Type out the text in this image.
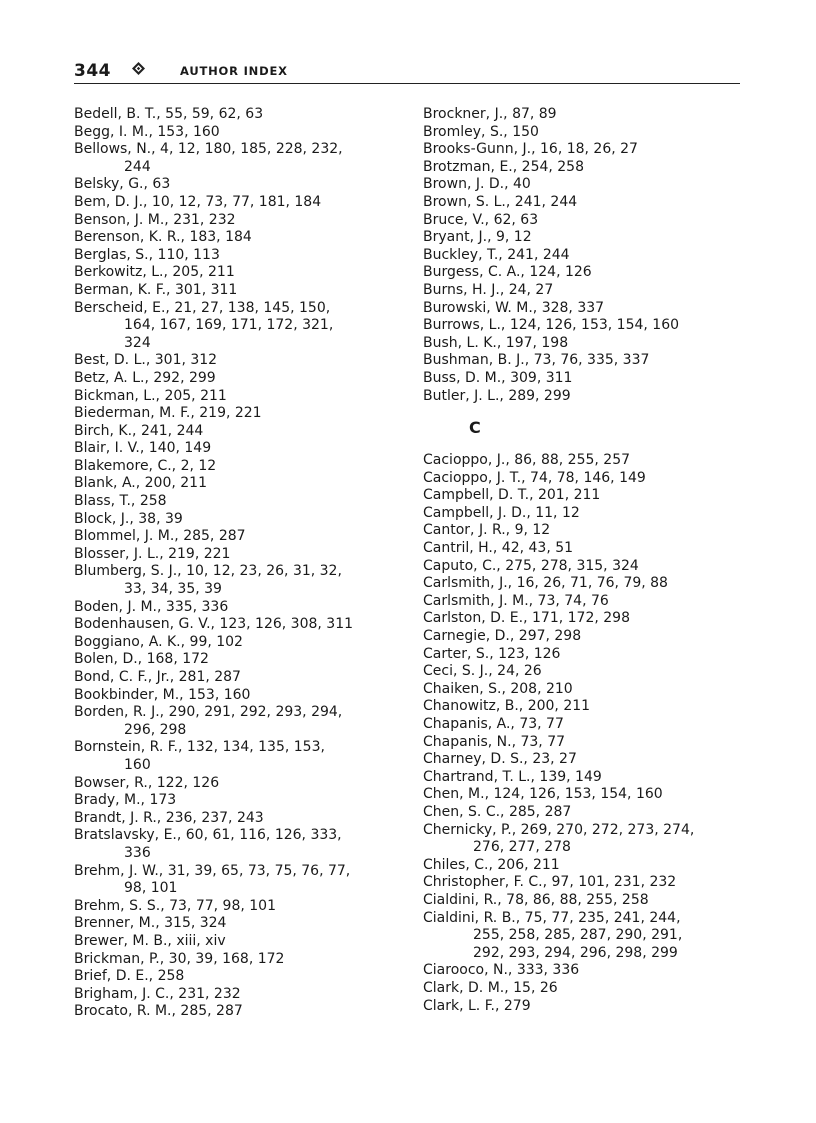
344	AUTHOR INDEX
Bedell, B. T., 55, 59, 62, 63
Begg, I. M., 153, 160
Bellows, N., 4, 12, 180, 185, 228, 232,
244
Belsky, G., 63
Bem, D. J., 10, 12, 73, 77, 181, 184
Benson, J. M., 231, 232
Berenson, K. R., 183, 184
Berglas, S., 110, 113
Berkowitz, L., 205, 211
Berman, K. F., 301, 311
Berscheid, E., 21, 27, 138, 145, 150,
164, 167, 169, 171, 172, 321,
324
Best, D. L., 301, 312
Betz, A. L., 292, 299
Bickman, L., 205, 211
Biederman, M. F., 219, 221
Birch, K., 241, 244
Blair, I. V., 140, 149
Blakemore, C., 2, 12
Blank, A., 200, 211
Blass, T., 258
Block, J., 38, 39
Blommel, J. M., 285, 287
Blosser, J. L., 219, 221
Blumberg, S. J., 10, 12, 23, 26, 31, 32,
33, 34, 35, 39
Boden, J. M., 335, 336
Bodenhausen, G. V., 123, 126, 308, 311
Boggiano, A. K., 99, 102
Bolen, D., 168, 172
Bond, C. F., Jr., 281, 287
Bookbinder, M., 153, 160
Borden, R. J., 290, 291, 292, 293, 294,
296, 298
Bornstein, R. F., 132, 134, 135, 153,
160
Bowser, R., 122, 126
Brady, M., 173
Brandt, J. R., 236, 237, 243
Bratslavsky, E., 60, 61, 116, 126, 333,
336
Brehm, J. W., 31, 39, 65, 73, 75, 76, 77,
98, 101
Brehm, S. S., 73, 77, 98, 101
Brenner, M., 315, 324
Brewer, M. B., xiii, xiv
Brickman, P., 30, 39, 168, 172
Brief, D. E., 258
Brigham, J. C., 231, 232
Brocato, R. M., 285, 287
Brockner, J., 87, 89
Bromley, S., 150
Brooks-Gunn, J., 16, 18, 26, 27
Brotzman, E., 254, 258
Brown, J. D., 40
Brown, S. L., 241, 244
Bruce, V., 62, 63
Bryant, J., 9, 12
Buckley, T., 241, 244
Burgess, C. A., 124, 126
Burns, H. J., 24, 27
Burowski, W. M., 328, 337
Burrows, L., 124, 126, 153, 154, 160
Bush, L. K., 197, 198
Bushman, B. J., 73, 76, 335, 337
Buss, D. M., 309, 311
Butler, J. L., 289, 299
C
Cacioppo, J., 86, 88, 255, 257
Cacioppo, J. T., 74, 78, 146, 149
Campbell, D. T., 201, 211
Campbell, J. D., 11, 12
Cantor, J. R., 9, 12
Cantril, H., 42, 43, 51
Caputo, C., 275, 278, 315, 324
Carlsmith, J., 16, 26, 71, 76, 79, 88
Carlsmith, J. M., 73, 74, 76
Carlston, D. E., 171, 172, 298
Carnegie, D., 297, 298
Carter, S., 123, 126
Ceci, S. J., 24, 26
Chaiken, S., 208, 210
Chanowitz, B., 200, 211
Chapanis, A., 73, 77
Chapanis, N., 73, 77
Charney, D. S., 23, 27
Chartrand, T. L., 139, 149
Chen, M., 124, 126, 153, 154, 160
Chen, S. C., 285, 287
Chernicky, P., 269, 270, 272, 273, 274,
276, 277, 278
Chiles, C., 206, 211
Christopher, F. C., 97, 101, 231, 232
Cialdini, R., 78, 86, 88, 255, 258
Cialdini, R. B., 75, 77, 235, 241, 244,
255, 258, 285, 287, 290, 291,
292, 293, 294, 296, 298, 299
Ciarooco, N., 333, 336
Clark, D. M., 15, 26
Clark, L. F., 279
